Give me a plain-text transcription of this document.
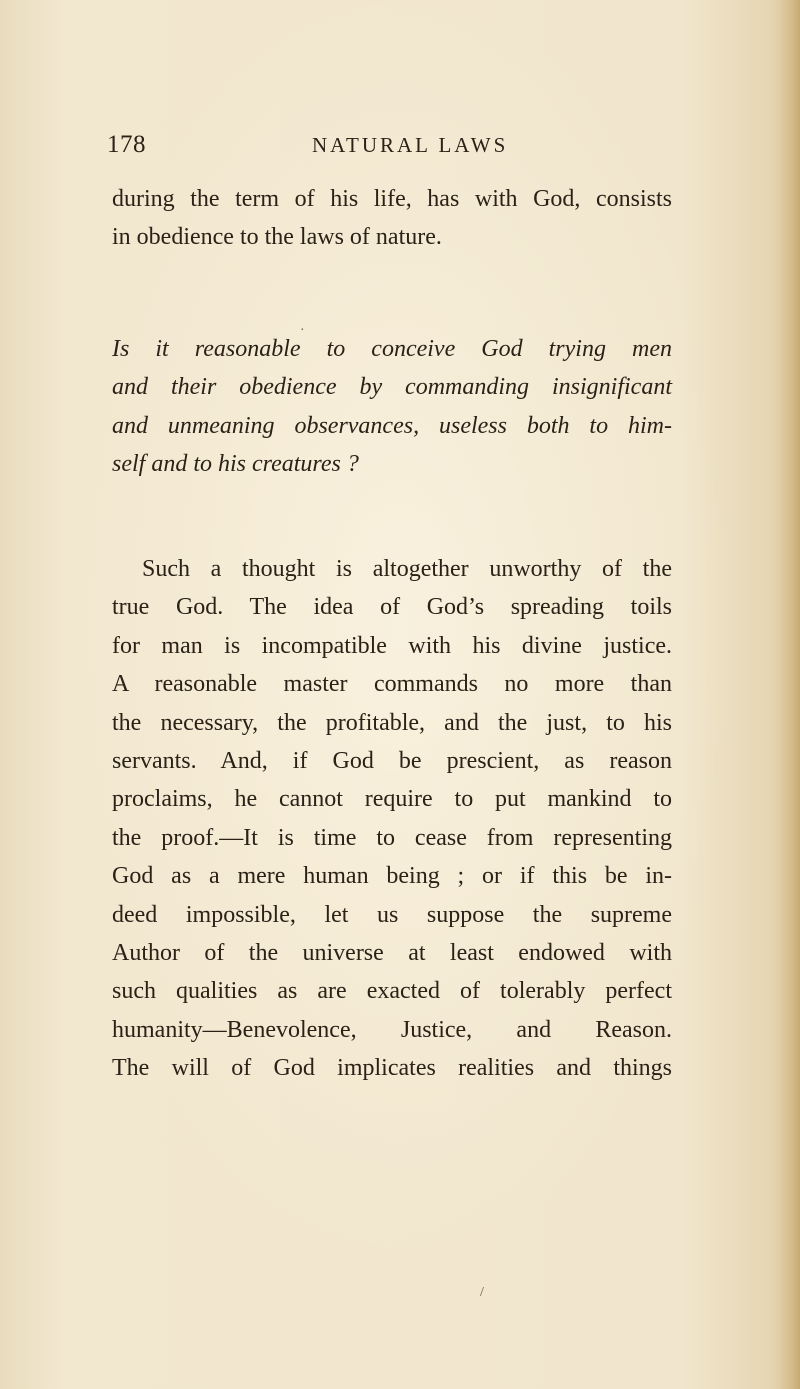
178	NATURAL LAWS
during the term of his life, has with God, consists
in obedience to the laws of nature.
Is it reasonable to conceive God trying men
and their obedience by commanding insignificant
and unmeaning observances, useless both to him-
self and to his creatures ?
Such a thought is altogether unworthy of the
true God. The idea of God’s spreading toils
for man is incompatible with his divine justice.
A reasonable master commands no more than
the necessary, the profitable, and the just, to his
servants. And, if God be prescient, as reason
proclaims, he cannot require to put mankind to
the proof.—It is time to cease from representing
God as a mere human being ; or if this be in-
deed impossible, let us suppose the supreme
Author of the universe at least endowed with
such qualities as are exacted of tolerably perfect
humanity—Benevolence, Justice, and Reason.
The will of God implicates realities and things
·
/
